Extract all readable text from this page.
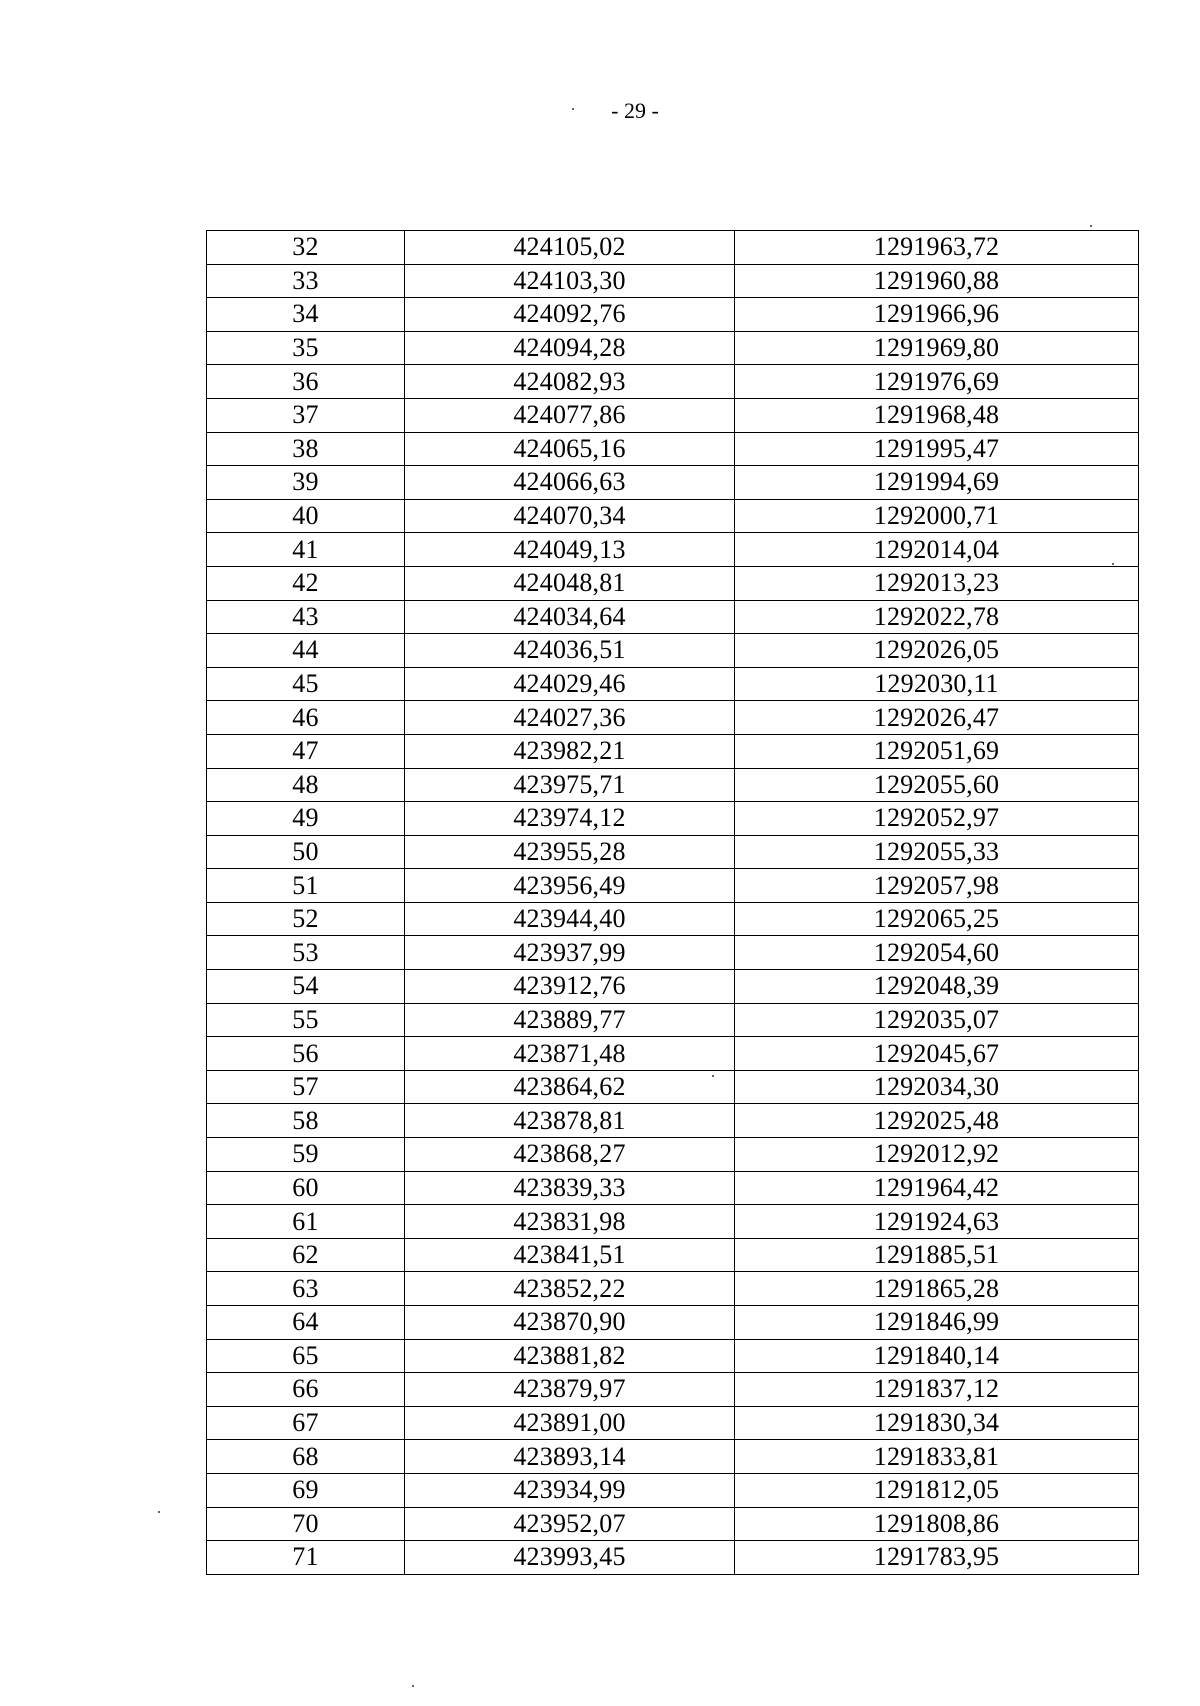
- 29 -
32	424105,02	1291963,72
33	424103,30	1291960,88
34	424092,76	1291966,96
35	424094,28	1291969,80
36	424082,93	1291976,69
37	424077,86	1291968,48
38	424065,16	1291995,47
39	424066,63	1291994,69
40	424070,34	1292000,71
41	424049,13	1292014,04
42	424048,81	1292013,23
43	424034,64	1292022,78
44	424036,51	1292026,05
45	424029,46	1292030,11
46	424027,36	1292026,47
47	423982,21	1292051,69
48	423975,71	1292055,60
49	423974,12	1292052,97
50	423955,28	1292055,33
51	423956,49	1292057,98
52	423944,40	1292065,25
53	423937,99	1292054,60
54	423912,76	1292048,39
55	423889,77	1292035,07
56	423871,48	1292045,67
57	423864,62	1292034,30
58	423878,81	1292025,48
59	423868,27	1292012,92
60	423839,33	1291964,42
61	423831,98	1291924,63
62	423841,51	1291885,51
63	423852,22	1291865,28
64	423870,90	1291846,99
65	423881,82	1291840,14
66	423879,97	1291837,12
67	423891,00	1291830,34
68	423893,14	1291833,81
69	423934,99	1291812,05
70	423952,07	1291808,86
71	423993,45	1291783,95
